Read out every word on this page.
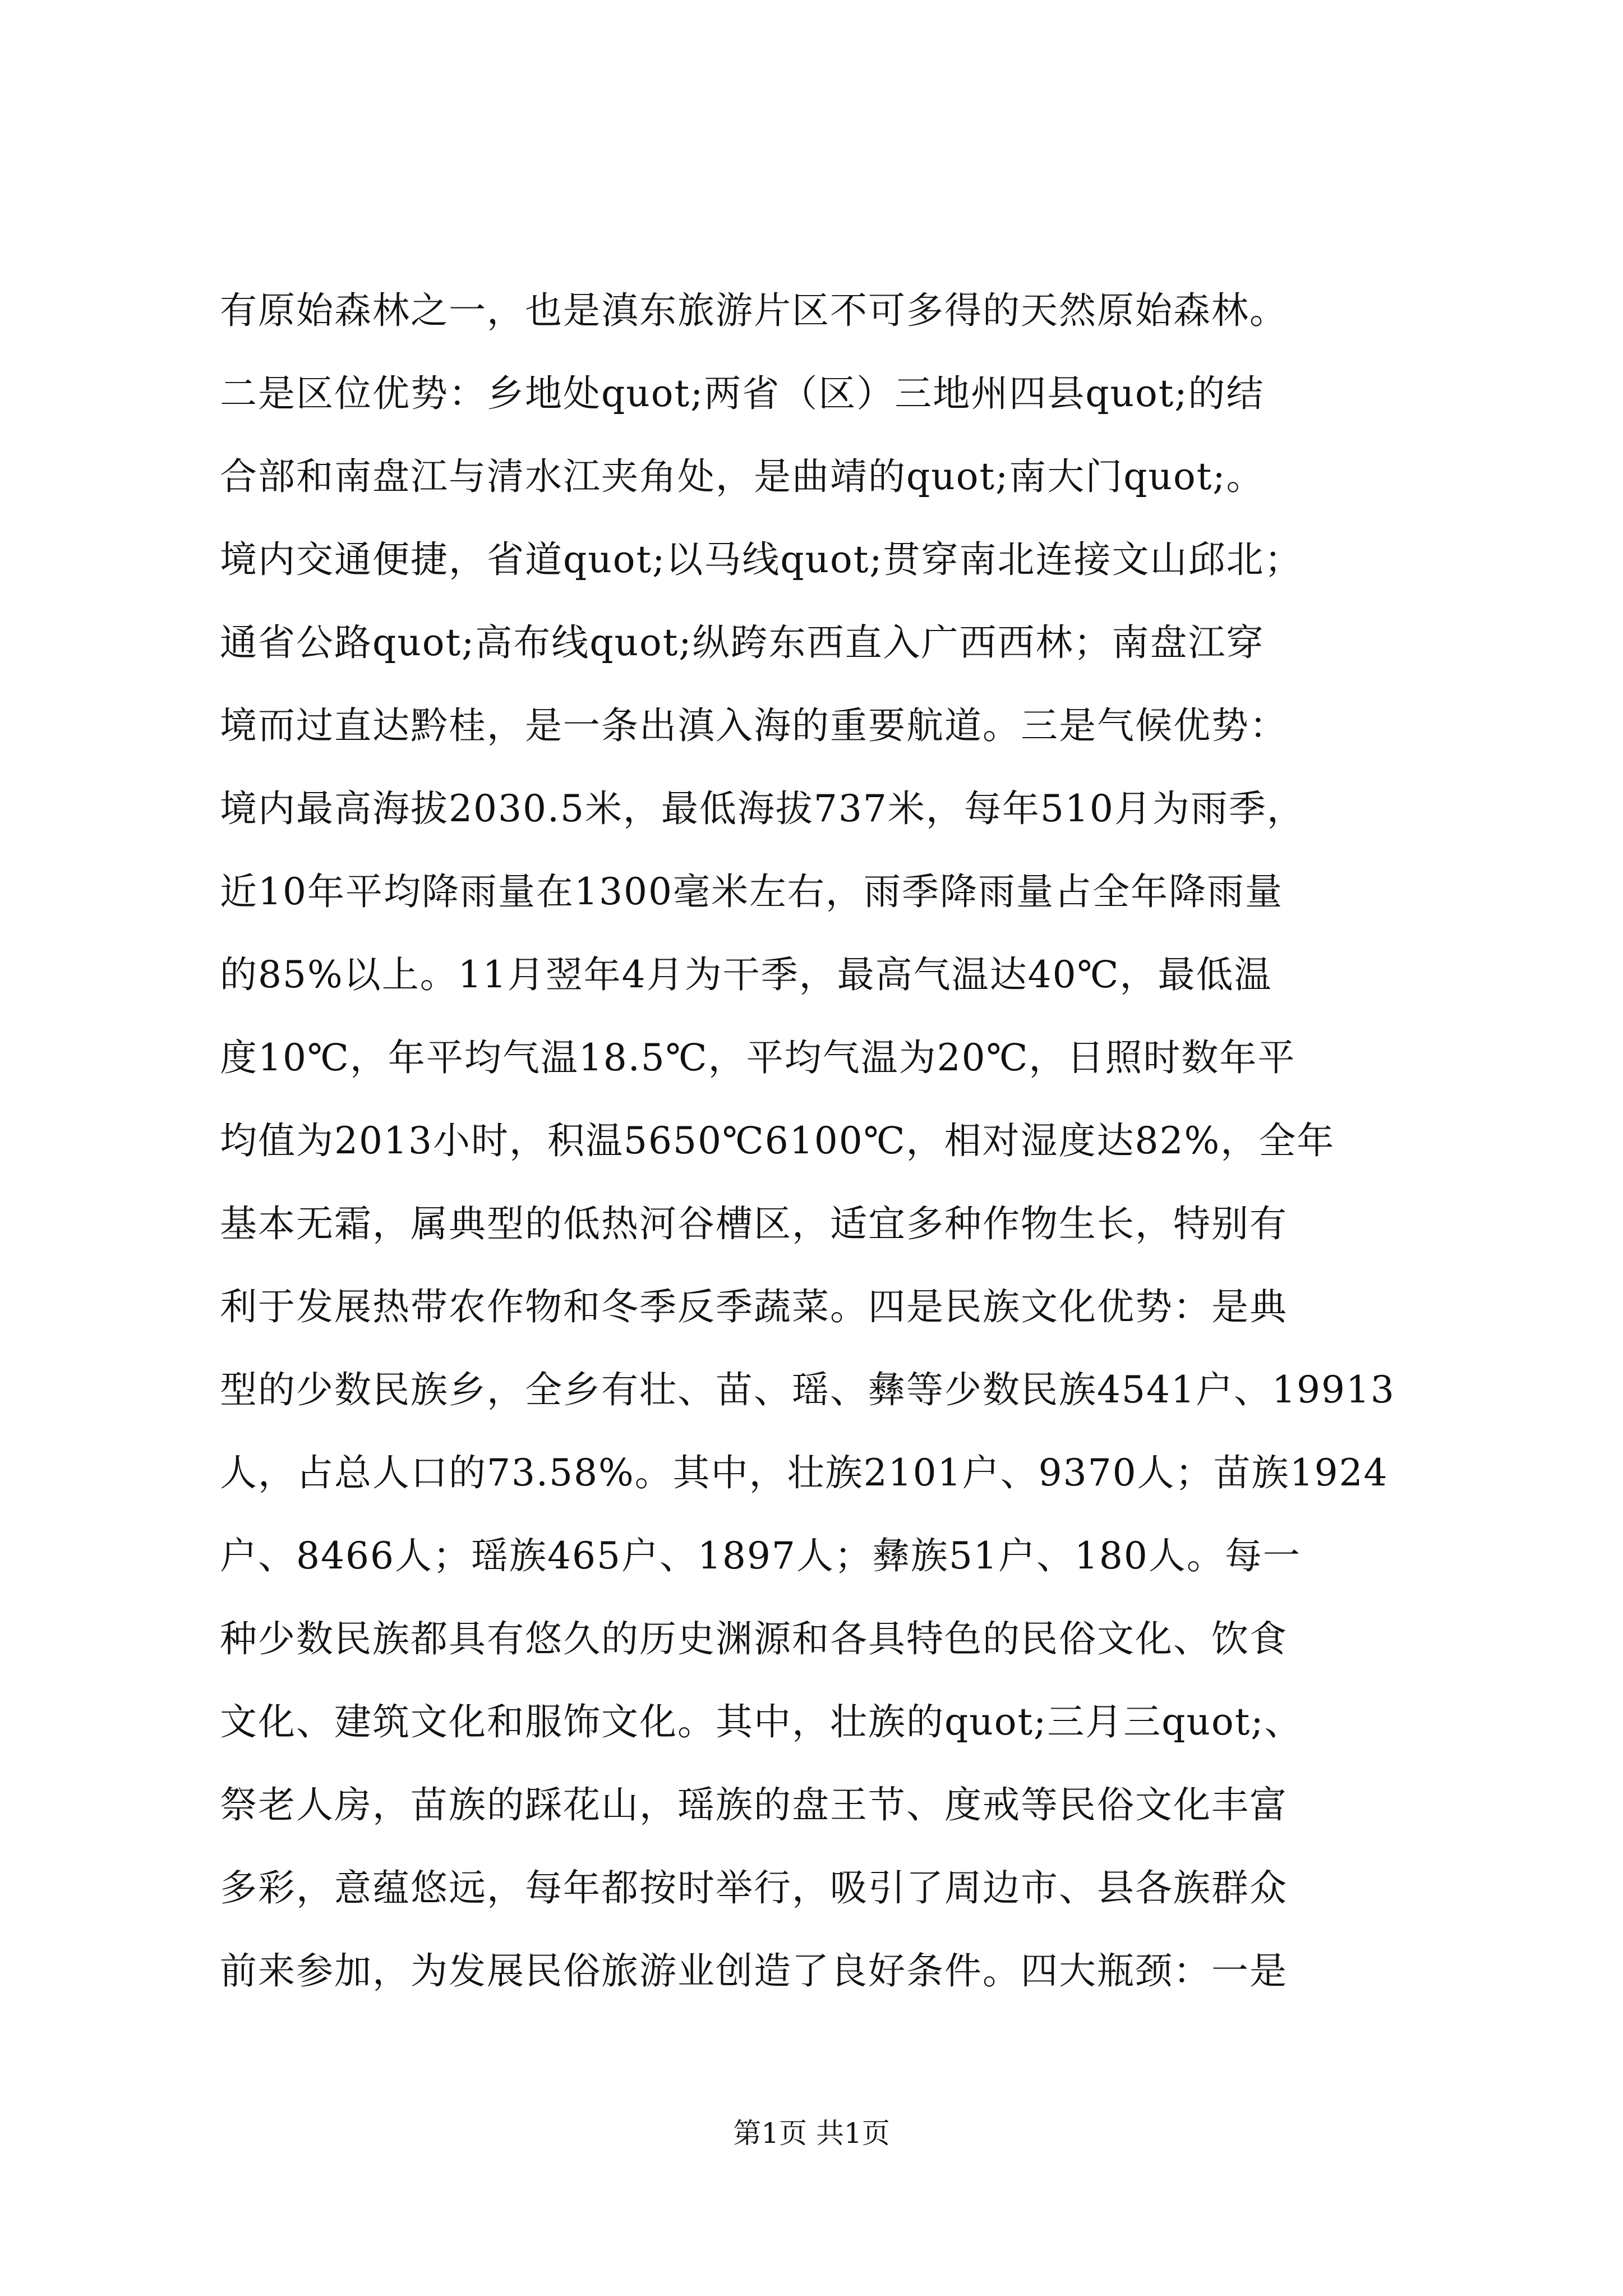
有原始森林之一，也是滇东旅游片区不可多得的天然原始森林。
二是区位优势：乡地处quot;两省（区）三地州四县quot;的结
合部和南盘江与清水江夹角处，是曲靖的quot;南大门quot;。
境内交通便捷，省道quot;以马线quot;贯穿南北连接文山邱北；
通省公路quot;高布线quot;纵跨东西直入广西西林；南盘江穿
境而过直达黔桂，是一条出滇入海的重要航道。三是气候优势：
境内最高海拔2030.5米，最低海拔737米，每年510月为雨季，
近10年平均降雨量在1300毫米左右，雨季降雨量占全年降雨量
的85%以上。11月翌年4月为干季，最高气温达40℃，最低温
度10℃，年平均气温18.5℃，平均气温为20℃，日照时数年平
均值为2013小时，积温5650℃6100℃，相对湿度达82%，全年
基本无霜，属典型的低热河谷槽区，适宜多种作物生长，特别有
利于发展热带农作物和冬季反季蔬菜。四是民族文化优势：是典
型的少数民族乡，全乡有壮、苗、瑶、彝等少数民族4541户、19913
人，占总人口的73.58%。其中，壮族2101户、9370人；苗族1924
户、8466人；瑶族465户、1897人；彝族51户、180人。每一
种少数民族都具有悠久的历史渊源和各具特色的民俗文化、饮食
文化、建筑文化和服饰文化。其中，壮族的quot;三月三quot;、
祭老人房，苗族的踩花山，瑶族的盘王节、度戒等民俗文化丰富
多彩，意蕴悠远，每年都按时举行，吸引了周边市、县各族群众
前来参加，为发展民俗旅游业创造了良好条件。四大瓶颈：一是
第1页 共1页
